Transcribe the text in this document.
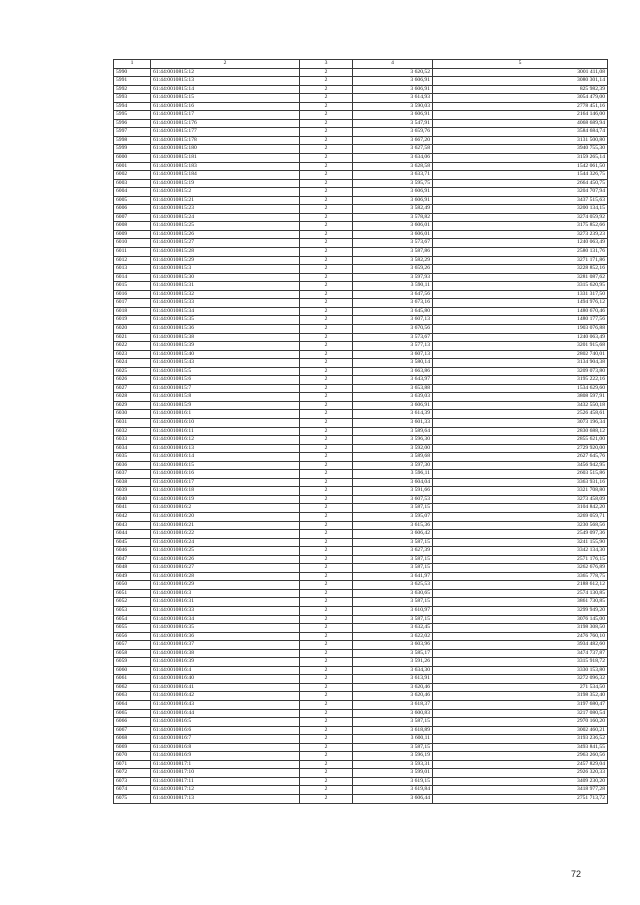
1	2	3	4	5
5990	61:44:0010815:12	2	3 620,52	3001 411,08
5991	61:44:0010815:13	2	3 606,91	3080 301,14
5992	61:44:0010815:14	2	3 606,91	825 982,39
5993	61:44:0010815:15	2	3 614,93	3054 479,00
5994	61:44:0010815:16	2	3 590,03	2778 451,16
5995	61:44:0010815:17	2	3 606,91	2164 146,00
5996	61:44:0010815:176	2	3 547,91	4068 689,94
5997	61:44:0010815:177	2	3 659,76	3584 684,74
5998	61:44:0010815:178	2	3 667,20	3131 500,80
5999	61:44:0010815:180	2	3 627,58	3940 755,30
6000	61:44:0010815:181	2	3 634,06	3159 265,14
6001	61:44:0010815:183	2	3 628,58	1542 061,50
6002	61:44:0010815:184	2	3 633,71	1544 326,75
6003	61:44:0010815:19	2	3 595,75	2664 450,75
6004	61:44:0010815:2	2	3 606,91	3204 707,94
6005	61:44:0010815:21	2	3 606,91	3437 515,63
6006	61:44:0010815:23	2	3 582,49	3200 134,15
6007	61:44:0010815:24	2	3 578,82	3274 059,92
6008	61:44:0010815:25	2	3 606,01	3175 852,66
6009	61:44:0010815:26	2	3 606,01	3273 239,23
6010	61:44:0010815:27	2	3 573,67	1240 063,49
6011	61:44:0010815:28	2	3 587,86	2580 131,76
6012	61:44:0010815:29	2	3 582,29	3271 171,86
6013	61:44:0010815:3	2	3 659,26	3228 852,16
6014	61:44:0010815:30	2	3 597,93	3281 087,62
6015	61:44:0010815:31	2	3 590,11	3315 620,95
6016	61:44:0010815:32	2	3 647,56	1331 317,50
6017	61:44:0010815:33	2	3 673,16	1494 976,12
6018	61:44:0010815:34	2	3 645,80	1480 670,46
6019	61:44:0010815:35	2	3 607,13	1480 177,56
6020	61:44:0010815:36	2	3 670,56	1903 076,88
6021	61:44:0010815:38	2	3 573,67	1240 063,49
6022	61:44:0010815:39	2	3 577,13	3201 915,68
6023	61:44:0010815:40	2	3 607,13	2802 740,01
6024	61:44:0010815:43	2	3 580,14	3134 904,38
6025	61:44:0010815:5	2	3 663,86	3209 073,80
6026	61:44:0010815:6	2	3 643,97	3195 222,16
6027	61:44:0010815:7	2	3 653,88	1534 629,60
6028	61:44:0010815:8	2	3 639,03	3808 597,91
6029	61:44:0010815:9	2	3 606,91	3432 550,18
6030	61:44:0010816:1	2	3 614,39	2526 458,61
6031	61:44:0010816:10	2	3 601,33	3073 196,34
6032	61:44:0010816:11	2	3 589,64	2830 688,12
6033	61:44:0010816:12	2	3 596,30	2855 621,00
6034	61:44:0010816:13	2	3 592,00	2729 920,00
6035	61:44:0010816:14	2	3 589,68	2627 645,76
6036	61:44:0010816:15	2	3 597,30	3456 942,95
6037	61:44:0010816:16	2	3 596,11	2603 515,86
6038	61:44:0010816:17	2	3 604,04	3363 931,16
6039	61:44:0010816:18	2	3 591,66	3321 708,80
6040	61:44:0010816:19	2	3 607,53	3273 458,09
6041	61:44:0010816:2	2	3 587,15	3104 842,20
6042	61:44:0010816:20	2	3 595,07	3269 059,71
6043	61:44:0010816:21	2	3 615,36	3230 568,56
6044	61:44:0010816:22	2	3 606,42	2549 097,36
6045	61:44:0010816:24	2	3 587,15	3241 155,90
6046	61:44:0010816:25	2	3 627,39	3342 134,30
6047	61:44:0010816:26	2	3 587,15	2571 176,15
6048	61:44:0010816:27	2	3 587,15	3262 676,89
6049	61:44:0010816:28	2	3 641,97	3365 778,75
6050	61:44:0010816:29	2	3 625,53	2188 612,12
6051	61:44:0010816:3	2	3 630,65	2574 130,85
6052	61:44:0010816:31	2	3 587,15	3861 730,85
6053	61:44:0010816:33	2	3 610,97	3299 949,20
6054	61:44:0010816:34	2	3 587,15	3076 145,00
6055	61:44:0010816:35	2	3 632,45	3198 308,50
6056	61:44:0010816:36	2	3 622,02	2476 760,10
6057	61:44:0010816:37	2	3 603,96	3934 482,60
6058	61:44:0010816:38	2	3 585,17	3474 737,87
6059	61:44:0010816:39	2	3 591,26	3315 918,72
6060	61:44:0010816:4	2	3 634,30	3330 153,80
6061	61:44:0010816:40	2	3 613,91	3272 096,32
6062	61:44:0010816:41	2	3 620,46	271 534,50
6063	61:44:0010816:42	2	3 620,46	3198 352,40
6064	61:44:0010816:43	2	3 618,37	3197 680,47
6065	61:44:0010816:44	2	3 600,83	3217 080,54
6066	61:44:0010816:5	2	3 587,15	2970 160,20
6067	61:44:0010816:6	2	3 618,89	3002 460,21
6068	61:44:0010816:7	2	3 600,11	3193 236,52
6069	61:44:0010816:8	2	3 587,15	3493 841,55
6070	61:44:0010816:9	2	3 596,19	2963 260,56
6071	61:44:0010817:1	2	3 593,31	2457 829,04
6072	61:44:0010817:10	2	3 599,01	2926 320,33
6073	61:44:0010817:11	2	3 619,15	3409 230,20
6074	61:44:0010817:12	2	3 619,84	3418 977,28
6075	61:44:0010817:13	2	3 606,44	2751 713,72
72
